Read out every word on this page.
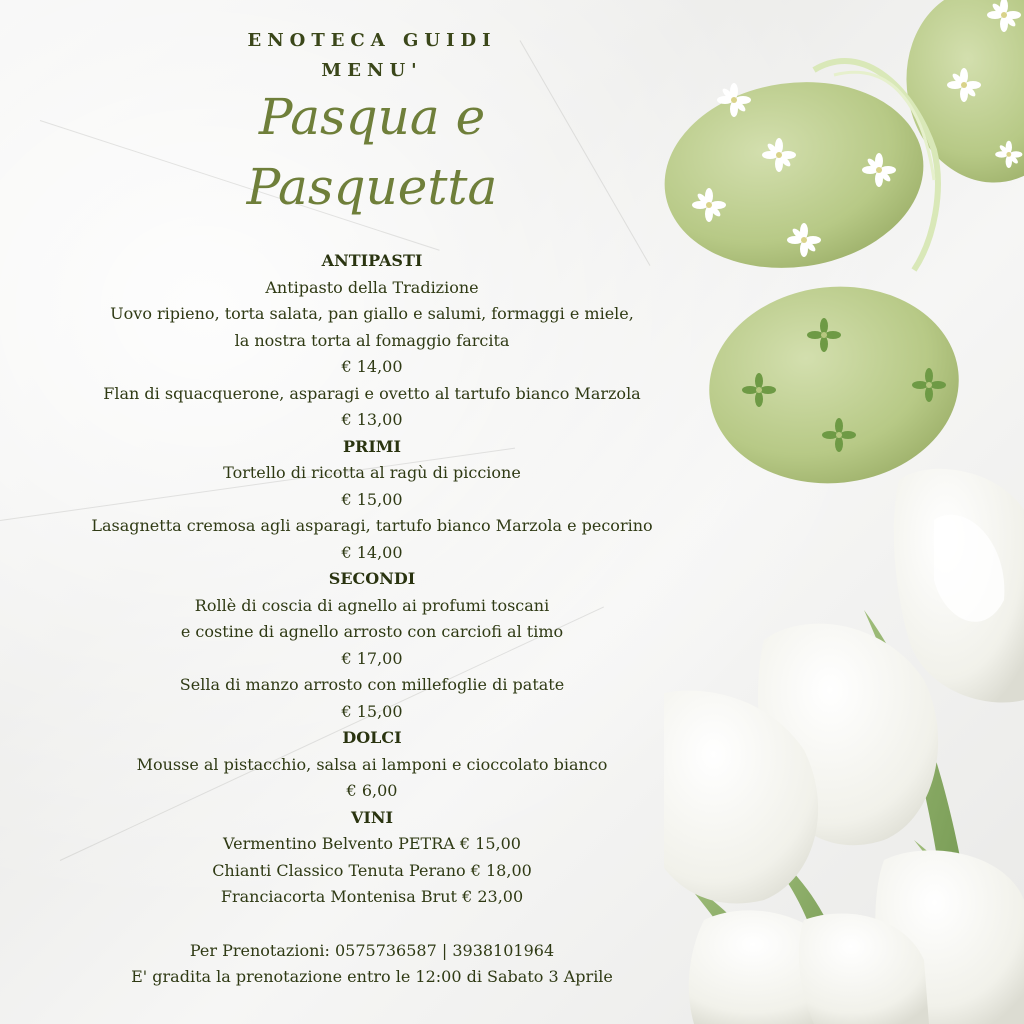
ENOTECA GUIDI
MENU'
Pasqua e
Pasquetta
ANTIPASTI
Antipasto della Tradizione
Uovo ripieno, torta salata, pan giallo e salumi, formaggi e miele,
la nostra torta al fomaggio farcita
€ 14,00
Flan di squacquerone, asparagi e ovetto al tartufo bianco Marzola
€ 13,00
PRIMI
Tortello di ricotta al ragù di piccione
€ 15,00
Lasagnetta cremosa agli asparagi, tartufo bianco Marzola e pecorino
€ 14,00
SECONDI
Rollè di coscia di agnello ai profumi toscani
e costine di agnello arrosto con carciofi al timo
€ 17,00
Sella di manzo arrosto con millefoglie di patate
€ 15,00
DOLCI
Mousse al pistacchio, salsa ai lamponi e cioccolato bianco
€ 6,00
VINI
Vermentino Belvento PETRA € 15,00
Chianti Classico Tenuta Perano € 18,00
Franciacorta Montenisa Brut € 23,00
Per Prenotazioni: 0575736587 | 3938101964
E' gradita la prenotazione entro le 12:00 di Sabato 3 Aprile
